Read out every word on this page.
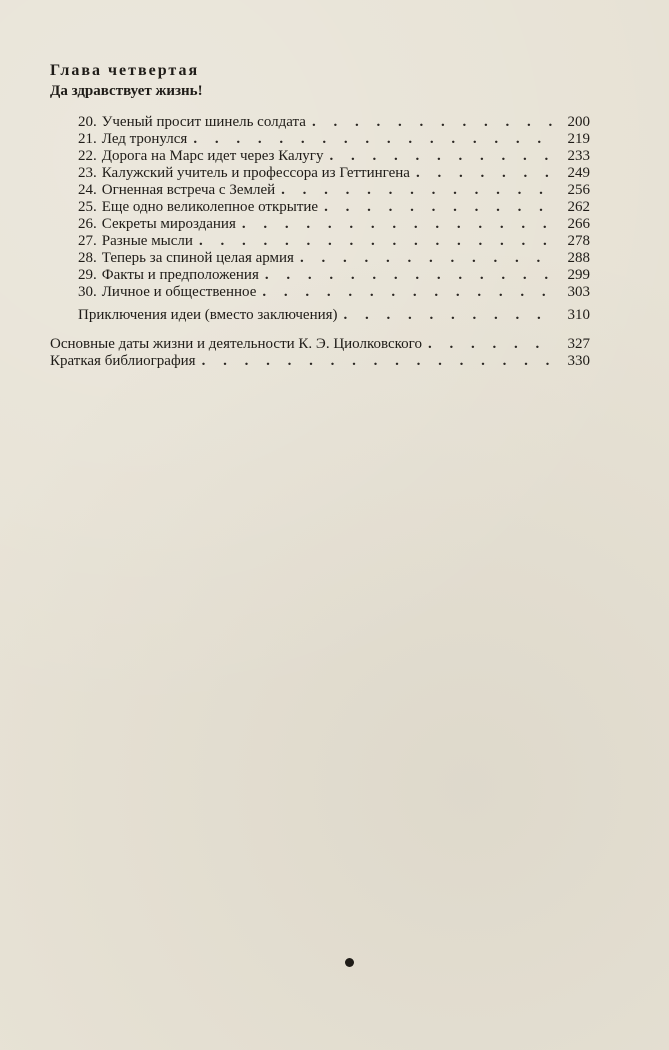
Глава четвертая
Да здравствует жизнь!
20. Ученый просит шинель солдата . . .	200
21. Лед тронулся . . .	219
22. Дорога на Марс идет через Калугу . . .	233
23. Калужский учитель и профессора из Геттингена . . .	249
24. Огненная встреча с Землей . . .	256
25. Еще одно великолепное открытие . . .	262
26. Секреты мироздания . . .	266
27. Разные мысли . . .	278
28. Теперь за спиной целая армия . . .	288
29. Факты и предположения . . .	299
30. Личное и общественное . . .	303
Приключения идеи (вместо заключения) . . .	310
Основные даты жизни и деятельности К. Э. Циолковского . . .	327
Краткая библиография . . .	330
